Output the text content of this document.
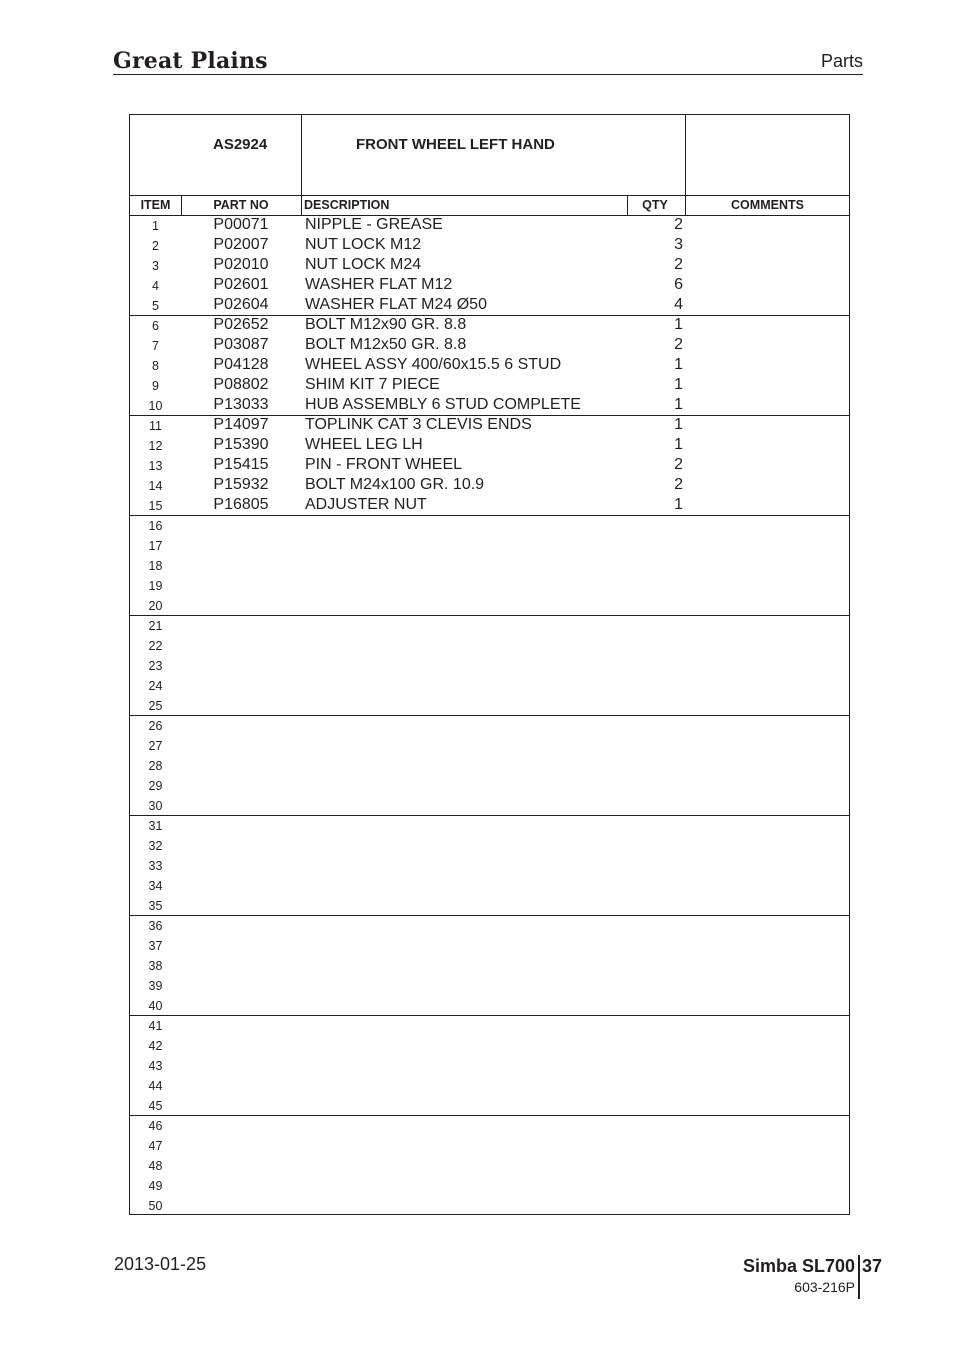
Great Plains	Parts
AS2924	FRONT WHEEL LEFT HAND
ITEM	PART NO	DESCRIPTION	QTY	COMMENTS
1	P00071	NIPPLE - GREASE	2
2	P02007	NUT LOCK M12	3
3	P02010	NUT LOCK M24	2
4	P02601	WASHER FLAT M12	6
5	P02604	WASHER FLAT M24 Ø50	4
6	P02652	BOLT M12x90 GR. 8.8	1
7	P03087	BOLT M12x50 GR. 8.8	2
8	P04128	WHEEL ASSY 400/60x15.5 6 STUD	1
9	P08802	SHIM KIT 7 PIECE	1
10	P13033	HUB ASSEMBLY 6 STUD COMPLETE	1
11	P14097	TOPLINK CAT 3 CLEVIS ENDS	1
12	P15390	WHEEL LEG LH	1
13	P15415	PIN - FRONT WHEEL	2
14	P15932	BOLT M24x100 GR. 10.9	2
15	P16805	ADJUSTER NUT	1
16
17
18
19
20
21
22
23
24
25
26
27
28
29
30
31
32
33
34
35
36
37
38
39
40
41
42
43
44
45
46
47
48
49
50
2013-01-25	Simba SL700 37
603-216P
